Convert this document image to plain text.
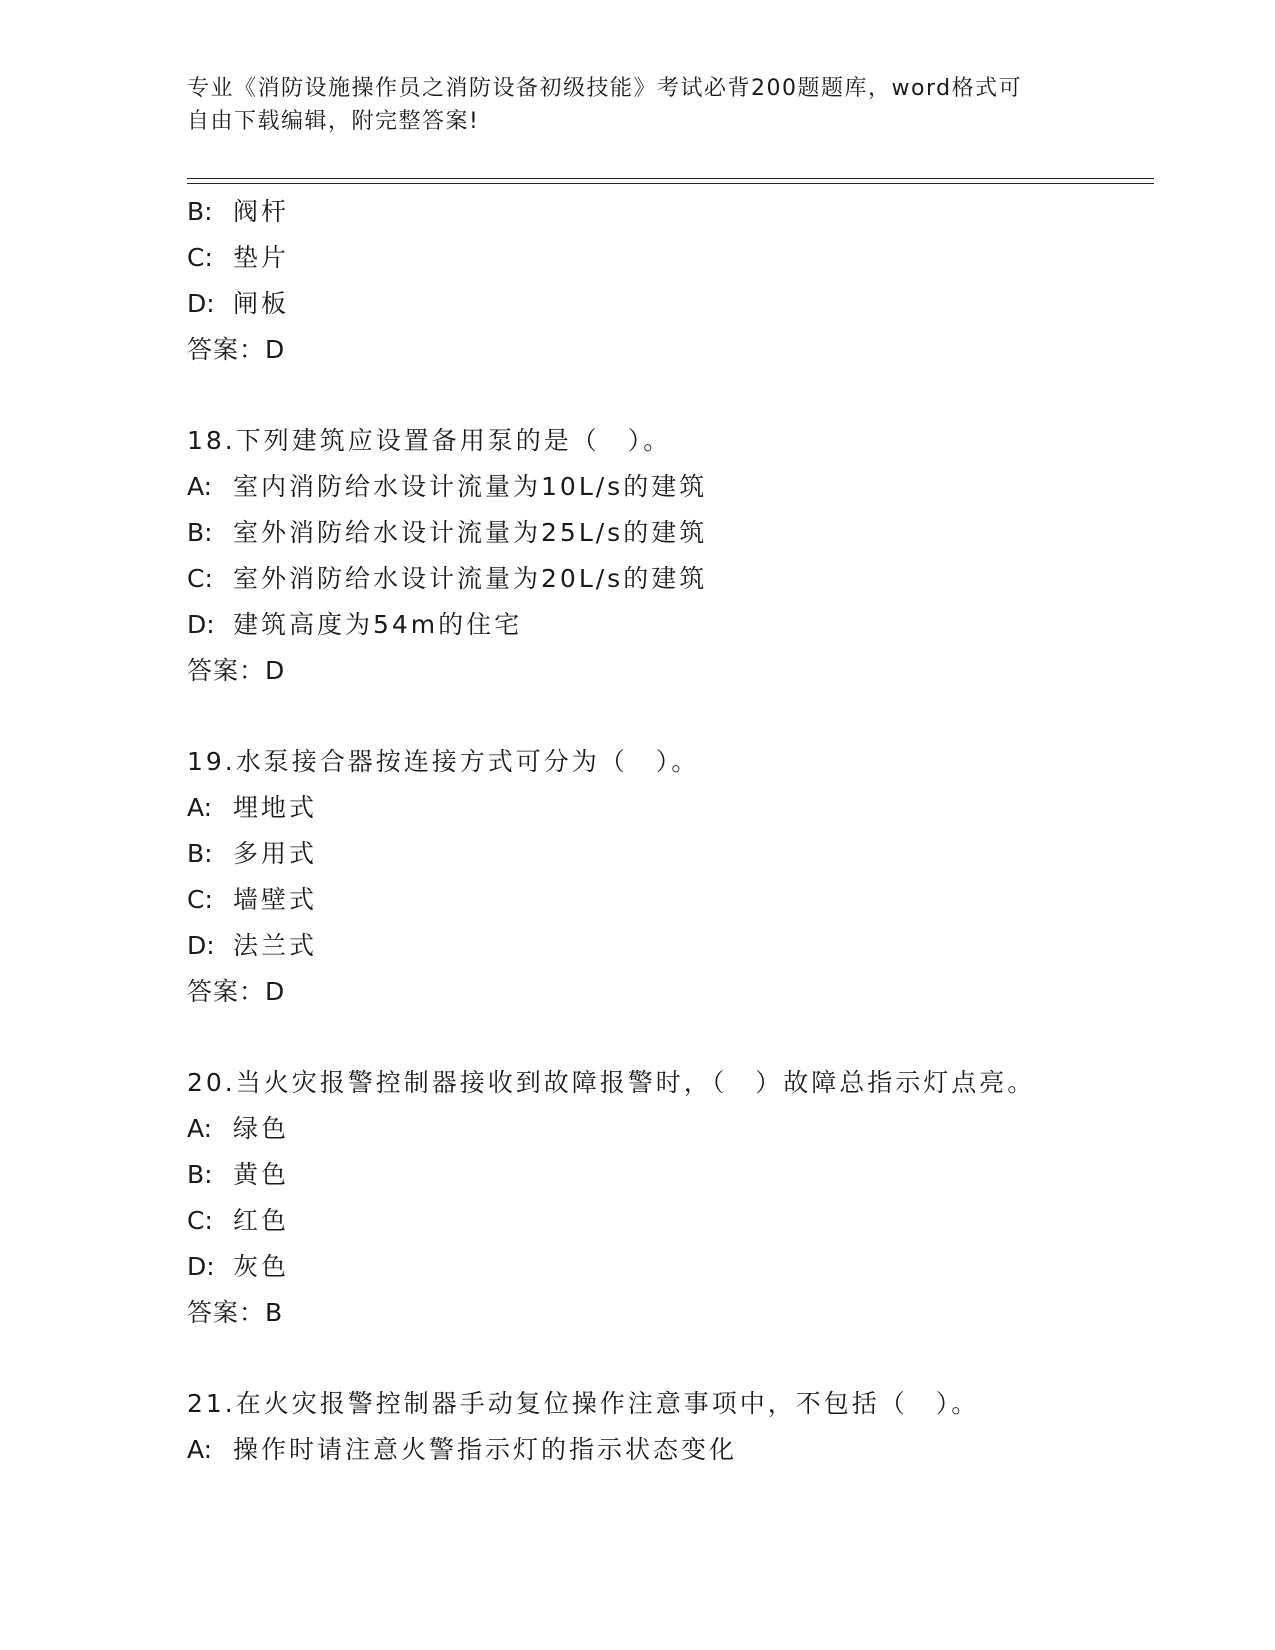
专业《消防设施操作员之消防设备初级技能》考试必背200题题库，word格式可
自由下载编辑，附完整答案!
B: 阀杆
C: 垫片
D: 闸板
答案：D
18.下列建筑应设置备用泵的是（　）。
A: 室内消防给水设计流量为10L/s的建筑
B: 室外消防给水设计流量为25L/s的建筑
C: 室外消防给水设计流量为20L/s的建筑
D: 建筑高度为54m的住宅
答案：D
19.水泵接合器按连接方式可分为（　）。
A: 埋地式
B: 多用式
C: 墙壁式
D: 法兰式
答案：D
20.当火灾报警控制器接收到故障报警时，（　）故障总指示灯点亮。
A: 绿色
B: 黄色
C: 红色
D: 灰色
答案：B
21.在火灾报警控制器手动复位操作注意事项中，不包括（　）。
A: 操作时请注意火警指示灯的指示状态变化
